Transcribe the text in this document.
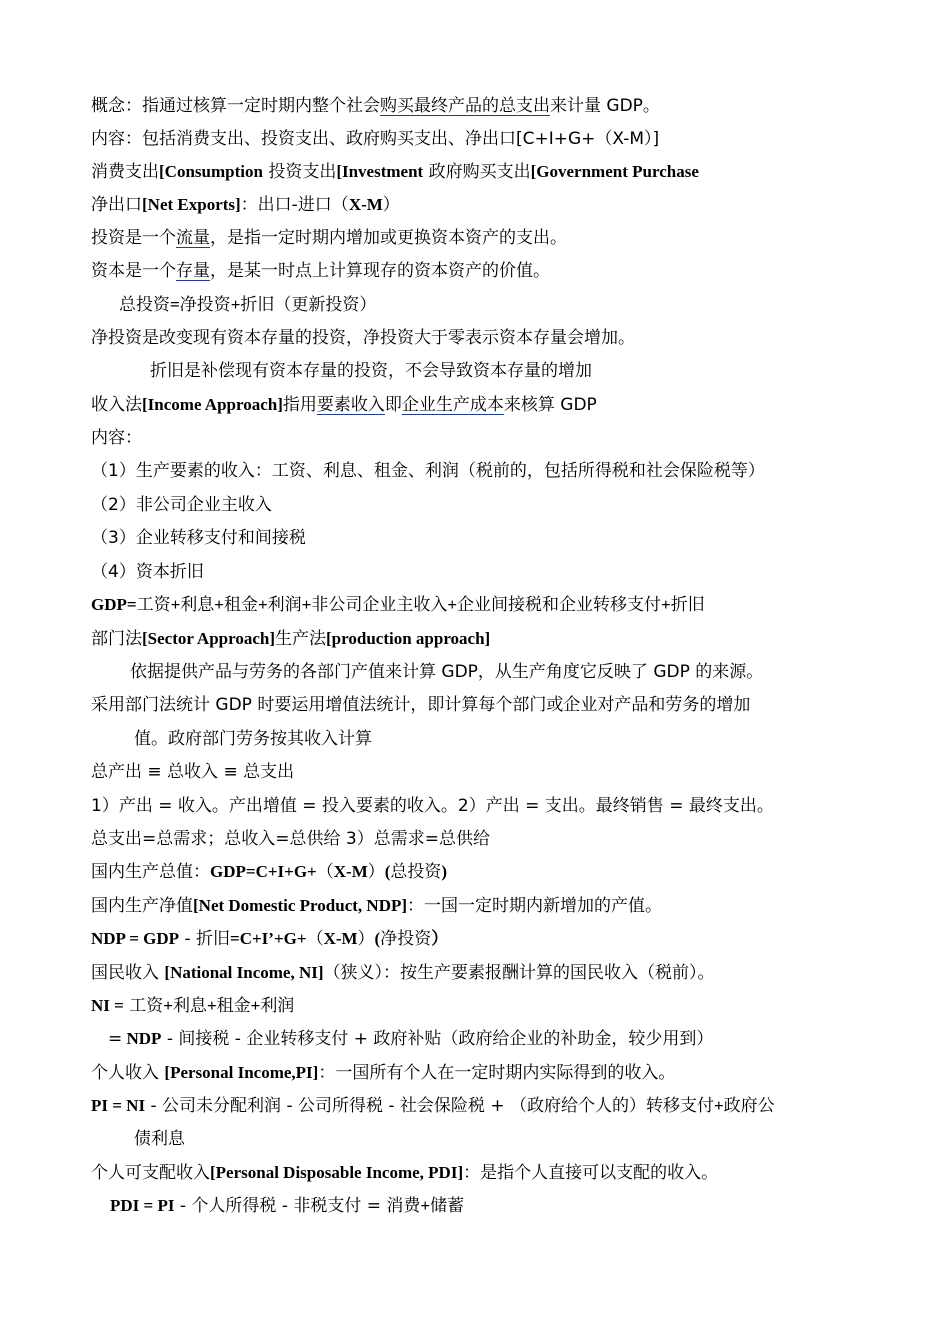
概念：指通过核算一定时期内整个社会购买最终产品的总支出来计量 GDP。
内容：包括消费支出、投资支出、政府购买支出、净出口[C+I+G+（X-M）]
消费支出[Consumption 投资支出[Investment 政府购买支出[Government Purchase
净出口[Net Exports]：出口-进口（X-M）
投资是一个流量，是指一定时期内增加或更换资本资产的支出。
资本是一个存量，是某一时点上计算现存的资本资产的价值。
总投资=净投资+折旧（更新投资）
净投资是改变现有资本存量的投资，净投资大于零表示资本存量会增加。
折旧是补偿现有资本存量的投资，不会导致资本存量的增加
收入法[Income Approach]指用要素收入即企业生产成本来核算 GDP
内容：
（1）生产要素的收入：工资、利息、租金、利润（税前的，包括所得税和社会保险税等）
（2）非公司企业主收入
（3）企业转移支付和间接税
（4）资本折旧
GDP=工资+利息+租金+利润+非公司企业主收入+企业间接税和企业转移支付+折旧
部门法[Sector Approach]生产法[production approach]
依据提供产品与劳务的各部门产值来计算 GDP，从生产角度它反映了 GDP 的来源。
采用部门法统计 GDP 时要运用增值法统计，即计算每个部门或企业对产品和劳务的增加
值。政府部门劳务按其收入计算
总产出 ≡ 总收入 ≡ 总支出
1）产出 = 收入。产出增值 = 投入要素的收入。2）产出 = 支出。最终销售 = 最终支出。
总支出=总需求；总收入=总供给 3）总需求=总供给
国内生产总值：GDP=C+I+G+（X-M）(总投资)
国内生产净值[Net Domestic Product, NDP]：一国一定时期内新增加的产值。
NDP = GDP - 折旧=C+I’+G+（X-M）(净投资）
国民收入 [National Income, NI]（狭义）：按生产要素报酬计算的国民收入（税前）。
NI = 工资+利息+租金+利润
= NDP - 间接税 - 企业转移支付 + 政府补贴（政府给企业的补助金，较少用到）
个人收入 [Personal Income,PI]：一国所有个人在一定时期内实际得到的收入。
PI = NI - 公司未分配利润 - 公司所得税 - 社会保险税 + （政府给个人的）转移支付+政府公
债利息
个人可支配收入[Personal Disposable Income, PDI]：是指个人直接可以支配的收入。
PDI = PI - 个人所得税 - 非税支付 = 消费+储蓄
